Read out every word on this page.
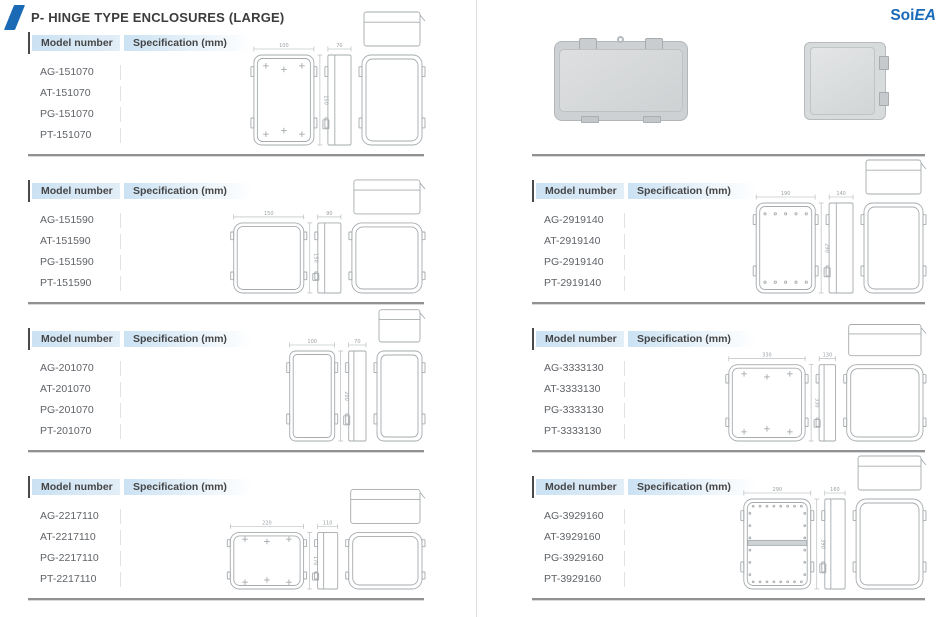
P- HINGE TYPE ENCLOSURES (LARGE)	SoiEA
Model number	Specification (mm)
AG-151070
AT-151070
PG-151070
PT-151070
100
150
70
Model number	Specification (mm)
AG-151590
AT-151590
PG-151590
PT-151590
150
150
90
Model number	Specification (mm)
AG-201070
AT-201070
PG-201070
PT-201070
100
200
70
Model number	Specification (mm)
AG-2217110
AT-2217110
PG-2217110
PT-2217110
220
170
110
Model number	Specification (mm)
AG-2919140
AT-2919140
PG-2919140
PT-2919140
190
290
140
Model number	Specification (mm)
AG-3333130
AT-3333130
PG-3333130
PT-3333130
330
330
130
Model number	Specification (mm)
AG-3929160
AT-3929160
PG-3929160
PT-3929160
290
390
160
